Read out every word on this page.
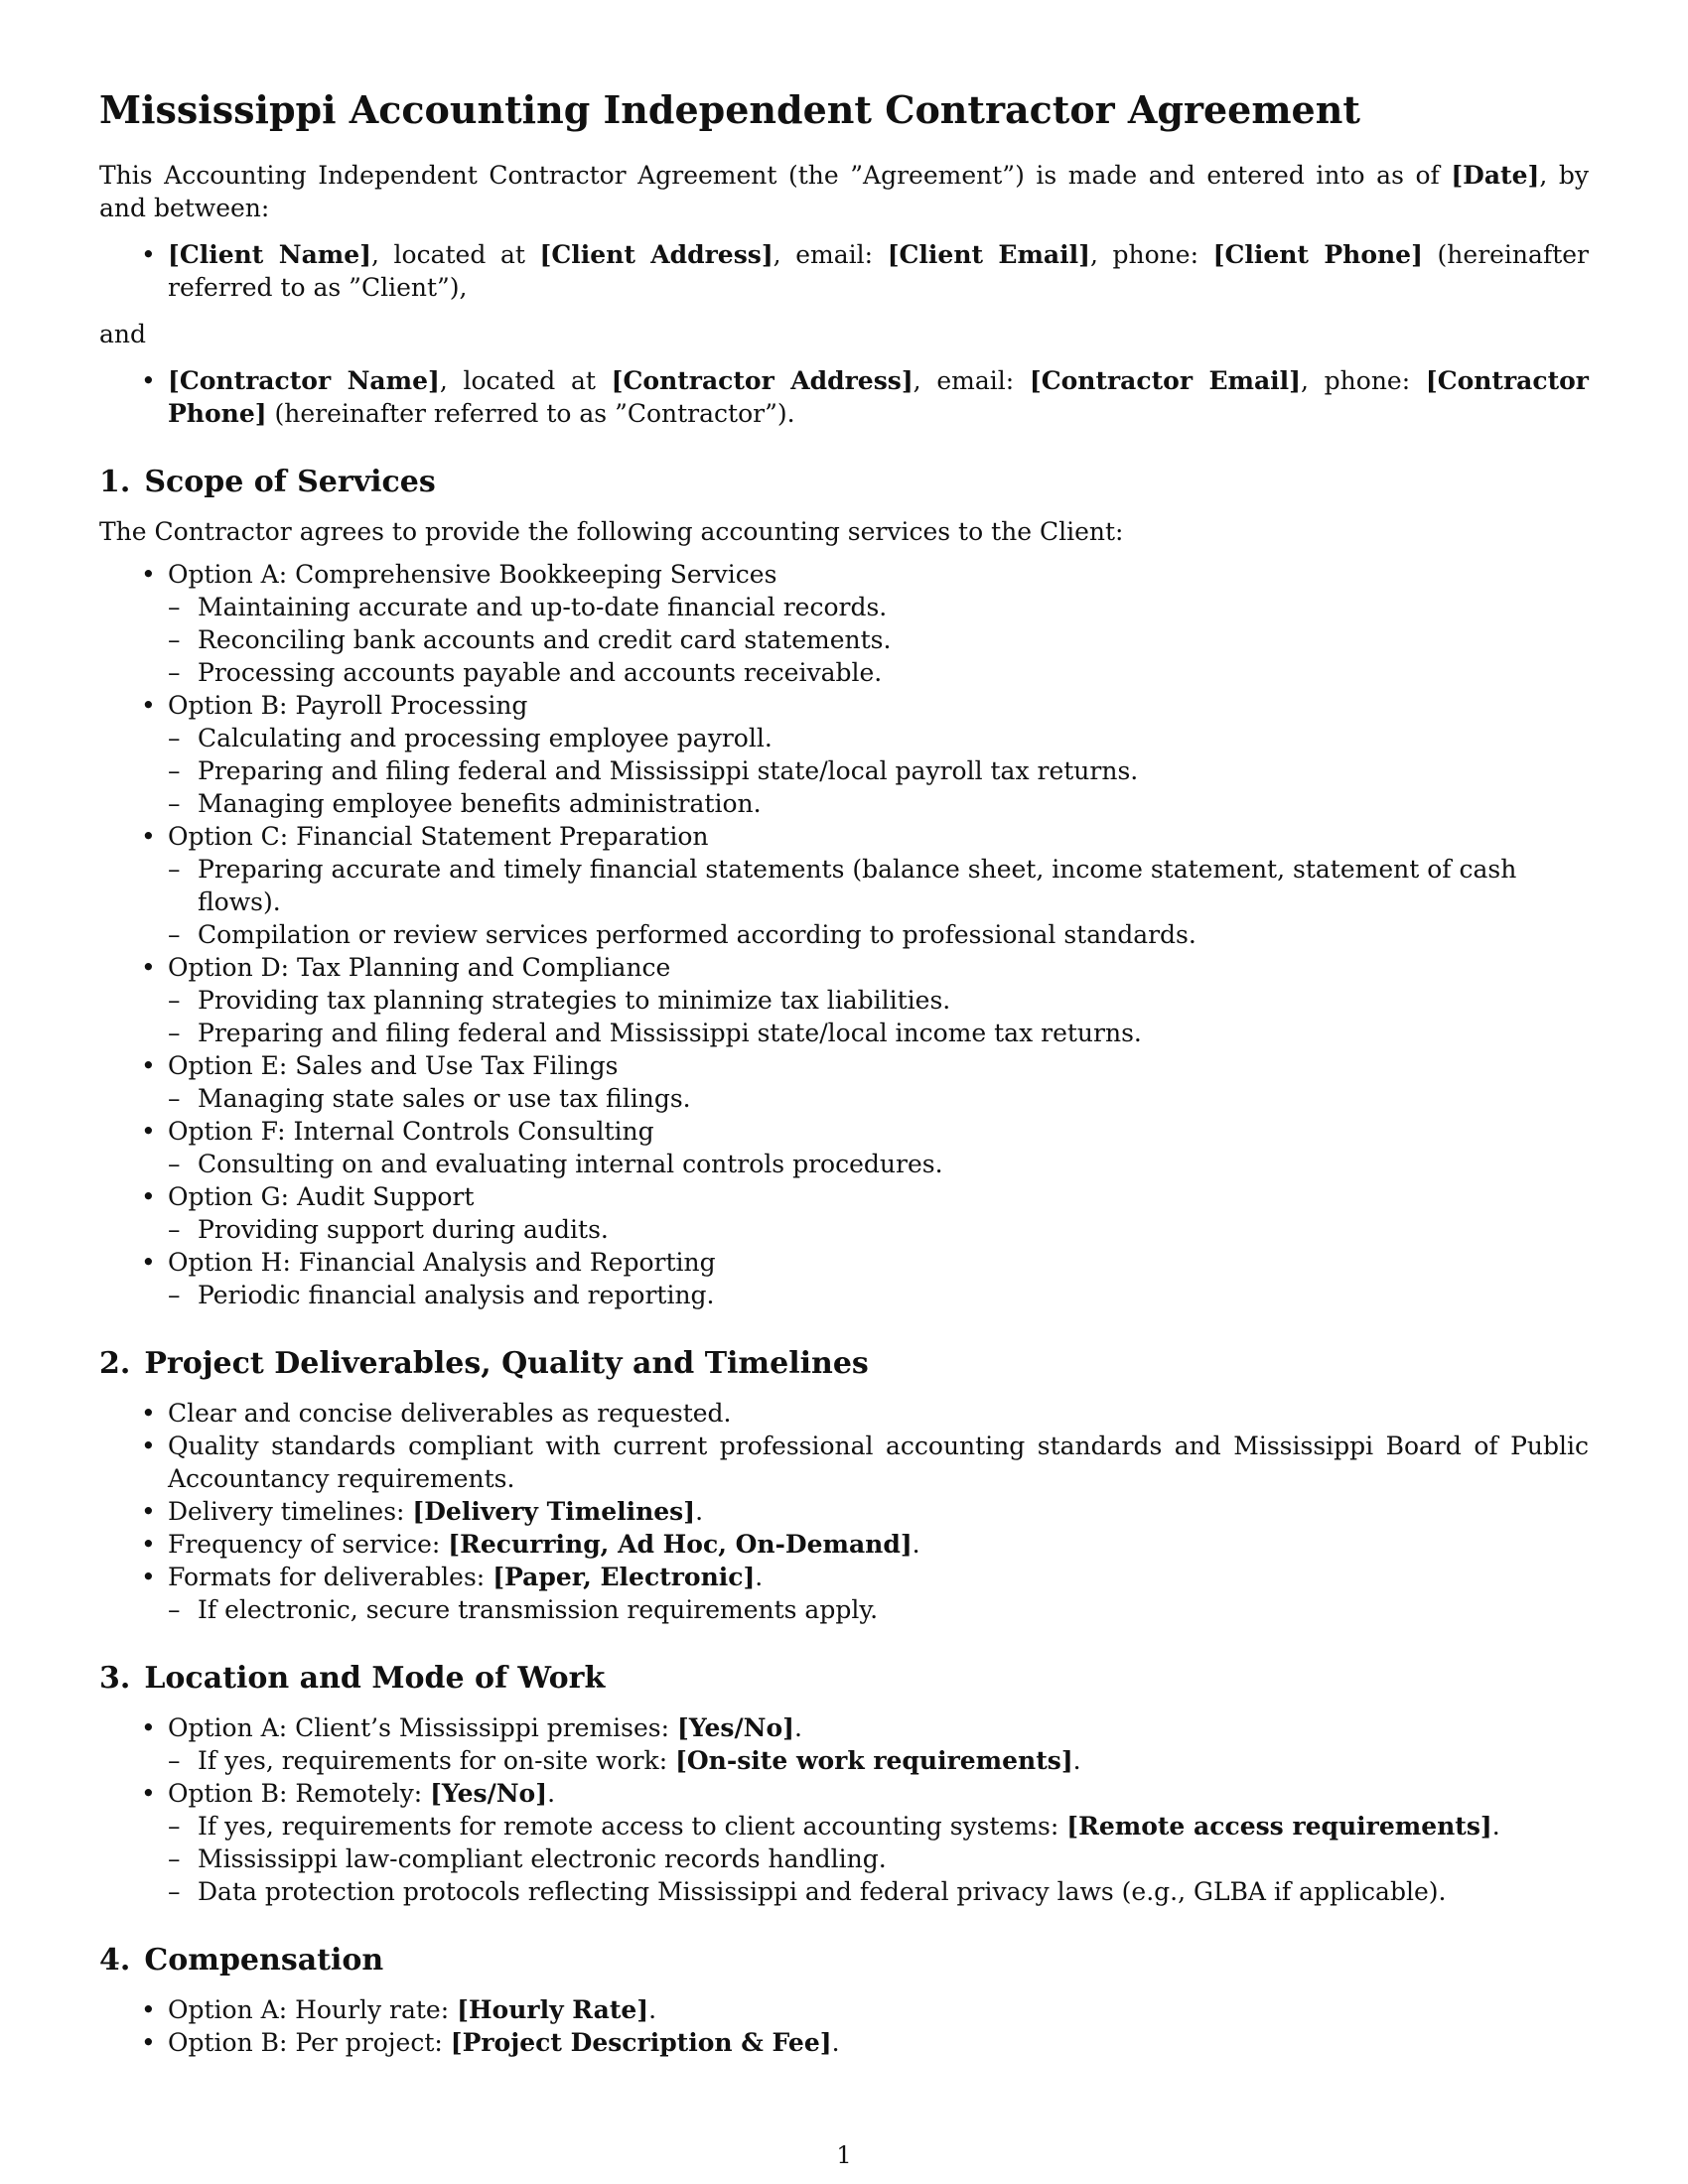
Mississippi Accounting Independent Contractor Agreement

This Accounting Independent Contractor Agreement (the ”Agreement”) is made and entered into as of [Date], by and between:

• [Client Name], located at [Client Address], email: [Client Email], phone: [Client Phone] (hereinafter referred to as ”Client”),

and

• [Contractor Name], located at [Contractor Address], email: [Contractor Email], phone: [Contractor Phone] (hereinafter referred to as ”Contractor”).
1. Scope of Services

The Contractor agrees to provide the following accounting services to the Client:

• Option A: Comprehensive Bookkeeping Services
– Maintaining accurate and up-to-date financial records.
– Reconciling bank accounts and credit card statements.
– Processing accounts payable and accounts receivable.
• Option B: Payroll Processing
– Calculating and processing employee payroll.
– Preparing and filing federal and Mississippi state/local payroll tax returns.
– Managing employee benefits administration.
• Option C: Financial Statement Preparation
– Preparing accurate and timely financial statements (balance sheet, income statement, statement of cash flows).
– Compilation or review services performed according to professional standards.
• Option D: Tax Planning and Compliance
– Providing tax planning strategies to minimize tax liabilities.
– Preparing and filing federal and Mississippi state/local income tax returns.
• Option E: Sales and Use Tax Filings
– Managing state sales or use tax filings.
• Option F: Internal Controls Consulting
– Consulting on and evaluating internal controls procedures.
• Option G: Audit Support
– Providing support during audits.
• Option H: Financial Analysis and Reporting
– Periodic financial analysis and reporting.
2. Project Deliverables, Quality and Timelines
• Clear and concise deliverables as requested.
• Quality standards compliant with current professional accounting standards and Mississippi Board of Public Accountancy requirements.
• Delivery timelines: [Delivery Timelines].
• Frequency of service: [Recurring, Ad Hoc, On-Demand].
• Formats for deliverables: [Paper, Electronic].
– If electronic, secure transmission requirements apply.
3. Location and Mode of Work
• Option A: Client’s Mississippi premises: [Yes/No].
– If yes, requirements for on-site work: [On-site work requirements].
• Option B: Remotely: [Yes/No].
– If yes, requirements for remote access to client accounting systems: [Remote access requirements].
– Mississippi law-compliant electronic records handling.
– Data protection protocols reflecting Mississippi and federal privacy laws (e.g., GLBA if applicable).
4. Compensation
• Option A: Hourly rate: [Hourly Rate].
• Option B: Per project: [Project Description & Fee].
1
